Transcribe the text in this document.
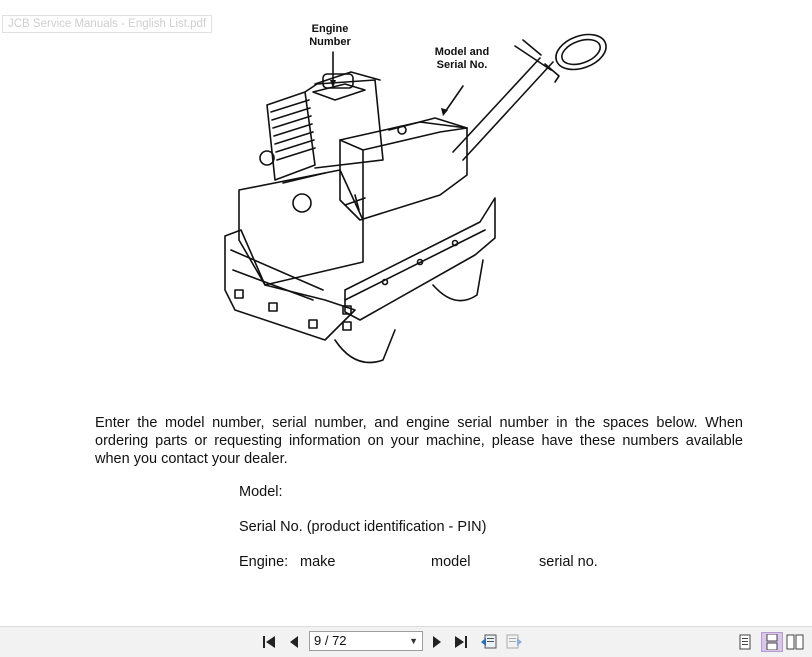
JCB Service Manuals - English List.pdf	Engine
Number
Model and
Serial No.
Enter the model number, serial number, and engine serial number in the spaces below. When ordering parts or requesting information on your machine, please have these numbers available when you contact your dealer.
Model:
Serial No. (product identification - PIN)
Engine: make	model	serial no.
9 / 72	▼
